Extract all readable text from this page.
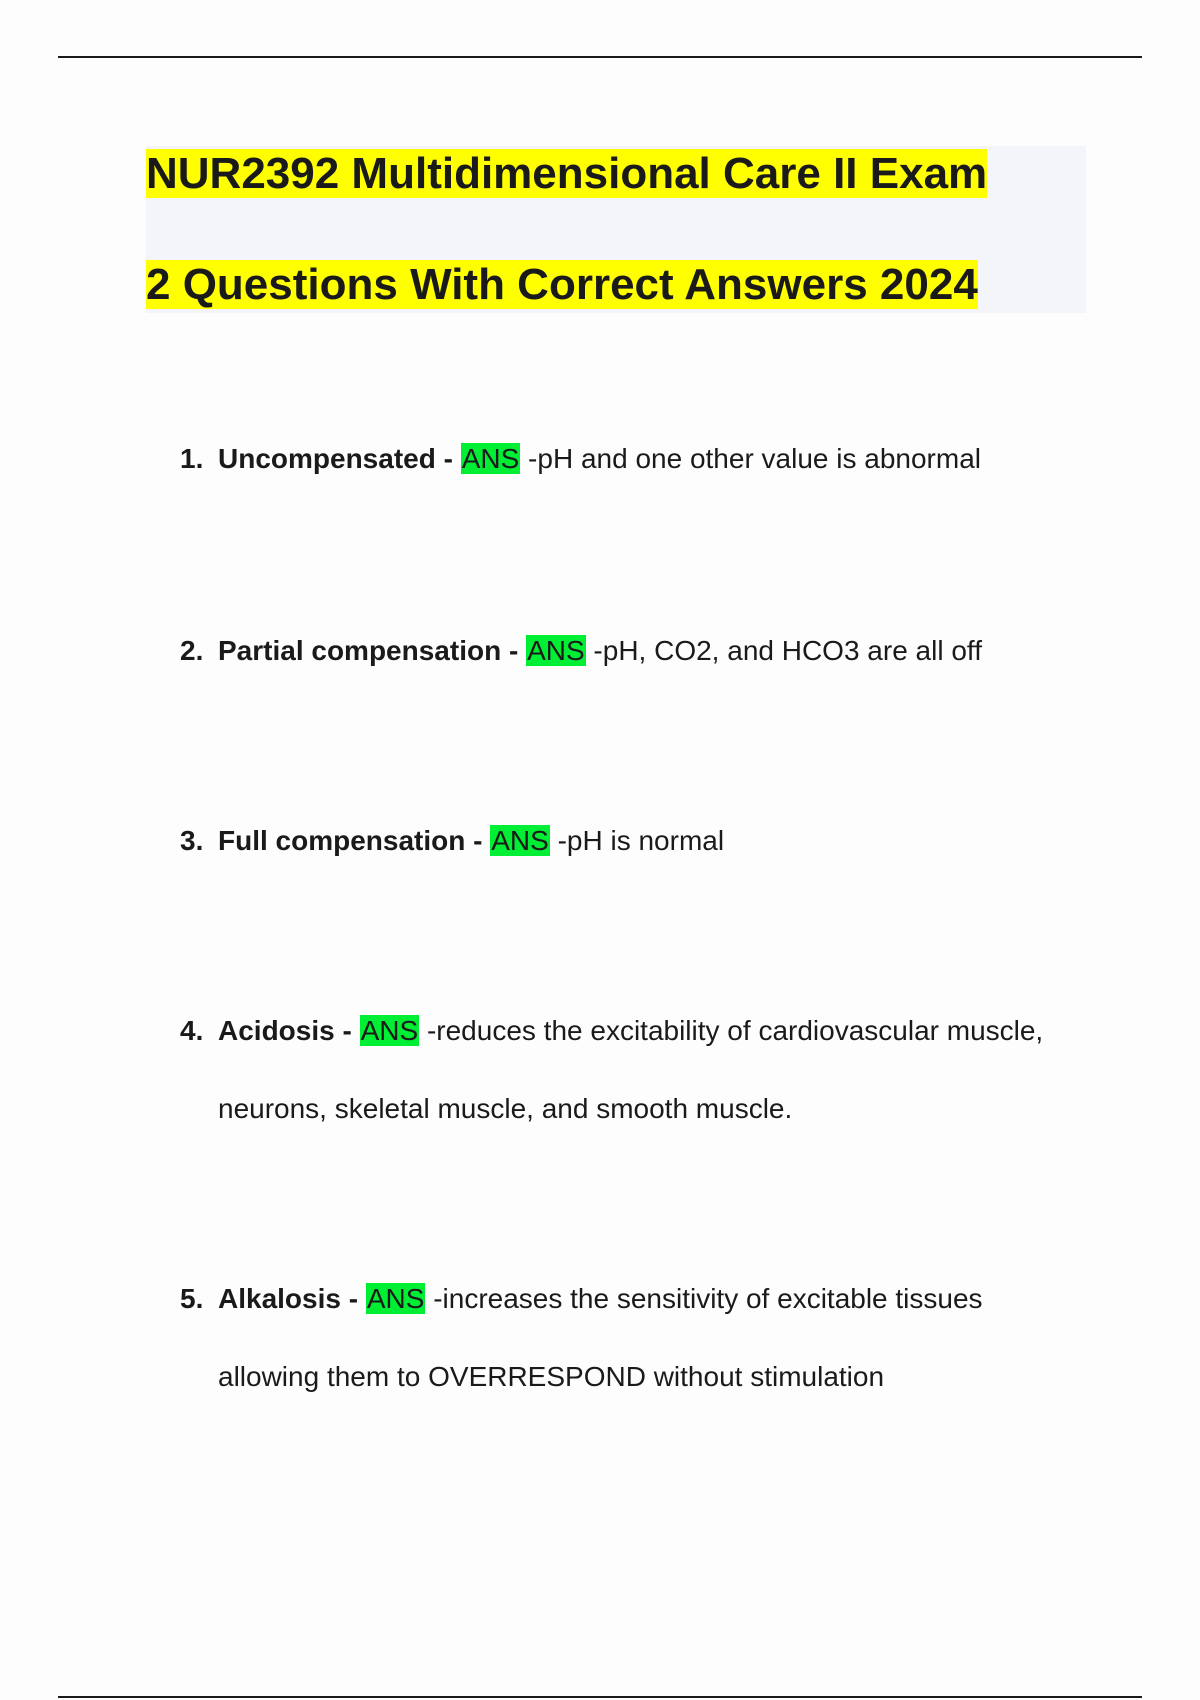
NUR2392 Multidimensional Care II Exam
2 Questions With Correct Answers 2024
1. Uncompensated - ANS -pH and one other value is abnormal
2. Partial compensation - ANS -pH, CO2, and HCO3 are all off
3. Full compensation - ANS -pH is normal
4. Acidosis - ANS -reduces the excitability of cardiovascular muscle, neurons, skeletal muscle, and smooth muscle.
5. Alkalosis - ANS -increases the sensitivity of excitable tissues allowing them to OVERRESPOND without stimulation
